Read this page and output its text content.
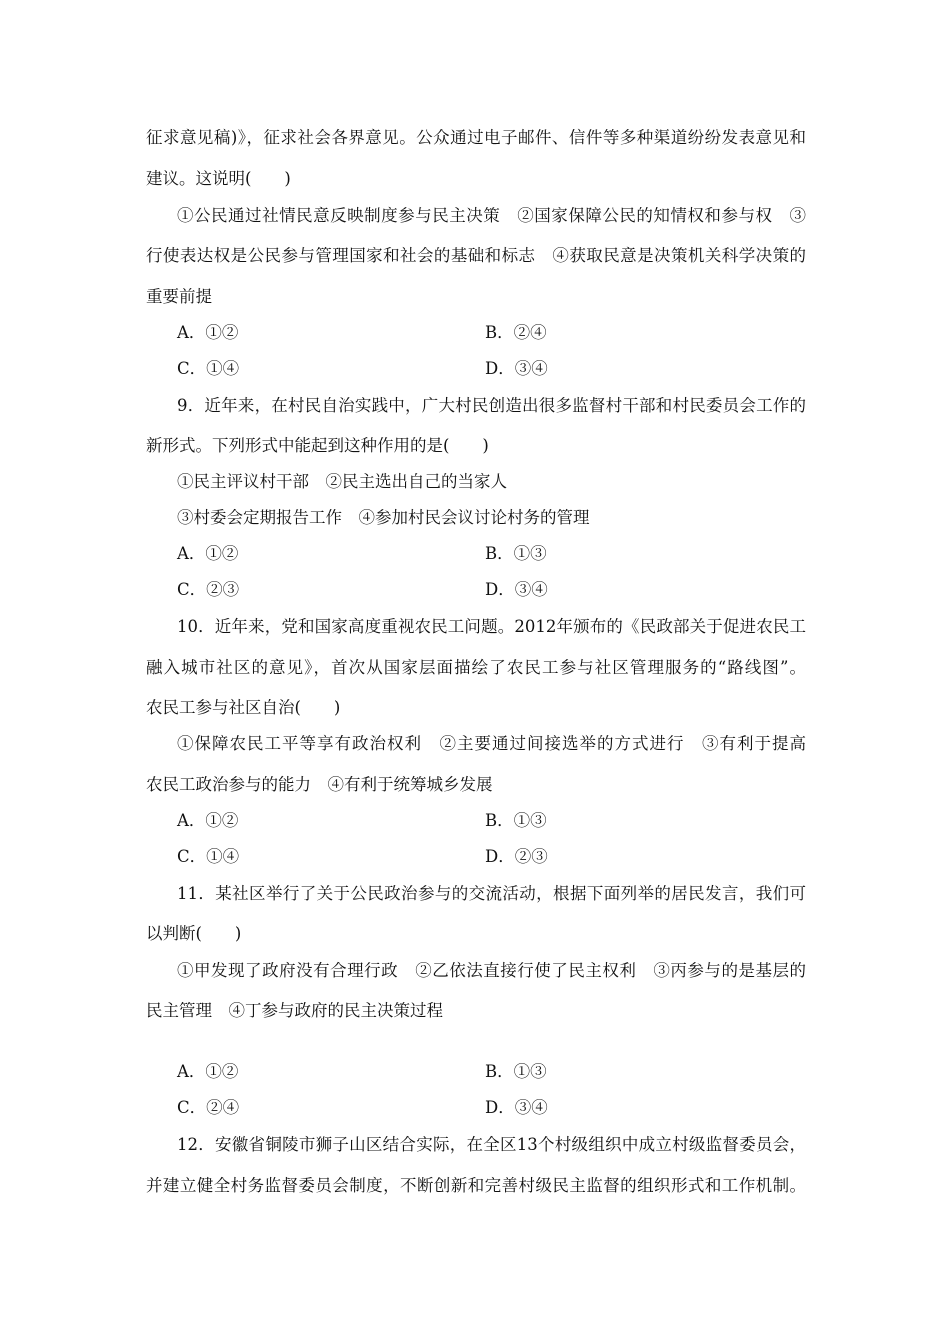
征求意见稿)》，征求社会各界意见。公众通过电子邮件、信件等多种渠道纷纷发表意见和
建议。这说明(　　)
①公民通过社情民意反映制度参与民主决策　②国家保障公民的知情权和参与权　③
行使表达权是公民参与管理国家和社会的基础和标志　④获取民意是决策机关科学决策的
重要前提
A．①②	B．②④
C．①④	D．③④
9．近年来，在村民自治实践中，广大村民创造出很多监督村干部和村民委员会工作的
新形式。下列形式中能起到这种作用的是(　　)
①民主评议村干部　②民主选出自己的当家人
③村委会定期报告工作　④参加村民会议讨论村务的管理
A．①②	B．①③
C．②③	D．③④
10．近年来，党和国家高度重视农民工问题。2012年颁布的《民政部关于促进农民工
融入城市社区的意见》，首次从国家层面描绘了农民工参与社区管理服务的“路线图”。
农民工参与社区自治(　　)
①保障农民工平等享有政治权利　②主要通过间接选举的方式进行　③有利于提高
农民工政治参与的能力　④有利于统筹城乡发展
A．①②	B．①③
C．①④	D．②③
11．某社区举行了关于公民政治参与的交流活动，根据下面列举的居民发言，我们可
以判断(　　)
①甲发现了政府没有合理行政　②乙依法直接行使了民主权利　③丙参与的是基层的
民主管理　④丁参与政府的民主决策过程
A．①②	B．①③
C．②④	D．③④
12．安徽省铜陵市狮子山区结合实际，在全区13个村级组织中成立村级监督委员会，
并建立健全村务监督委员会制度，不断创新和完善村级民主监督的组织形式和工作机制。
